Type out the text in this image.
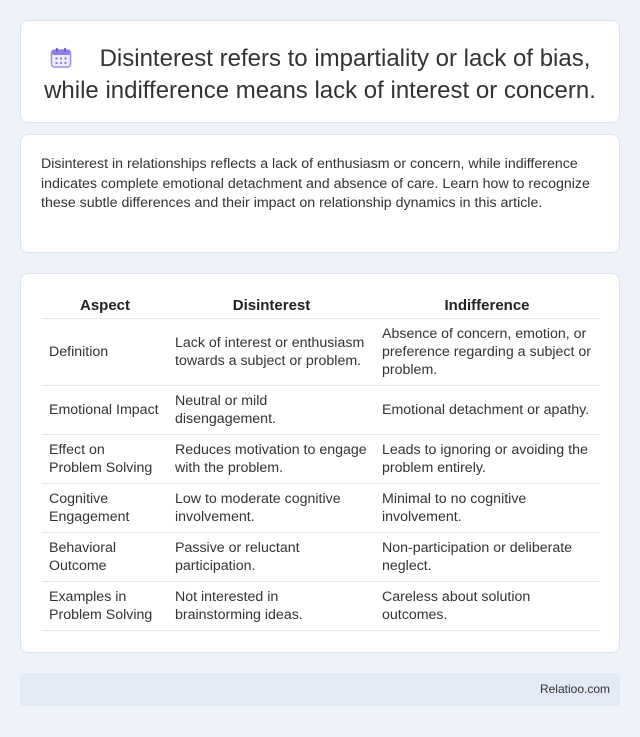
Disinterest refers to impartiality or lack of bias, while indifference means lack of interest or concern.

Disinterest in relationships reflects a lack of enthusiasm or concern, while indifference indicates complete emotional detachment and absence of care. Learn how to recognize these subtle differences and their impact on relationship dynamics in this article.

Aspect	Disinterest	Indifference
Definition	Lack of interest or enthusiasm towards a subject or problem.	Absence of concern, emotion, or preference regarding a subject or problem.
Emotional Impact	Neutral or mild disengagement.	Emotional detachment or apathy.
Effect on Problem Solving	Reduces motivation to engage with the problem.	Leads to ignoring or avoiding the problem entirely.
Cognitive Engagement	Low to moderate cognitive involvement.	Minimal to no cognitive involvement.
Behavioral Outcome	Passive or reluctant participation.	Non-participation or deliberate neglect.
Examples in Problem Solving	Not interested in brainstorming ideas.	Careless about solution outcomes.
Relatioo.com
